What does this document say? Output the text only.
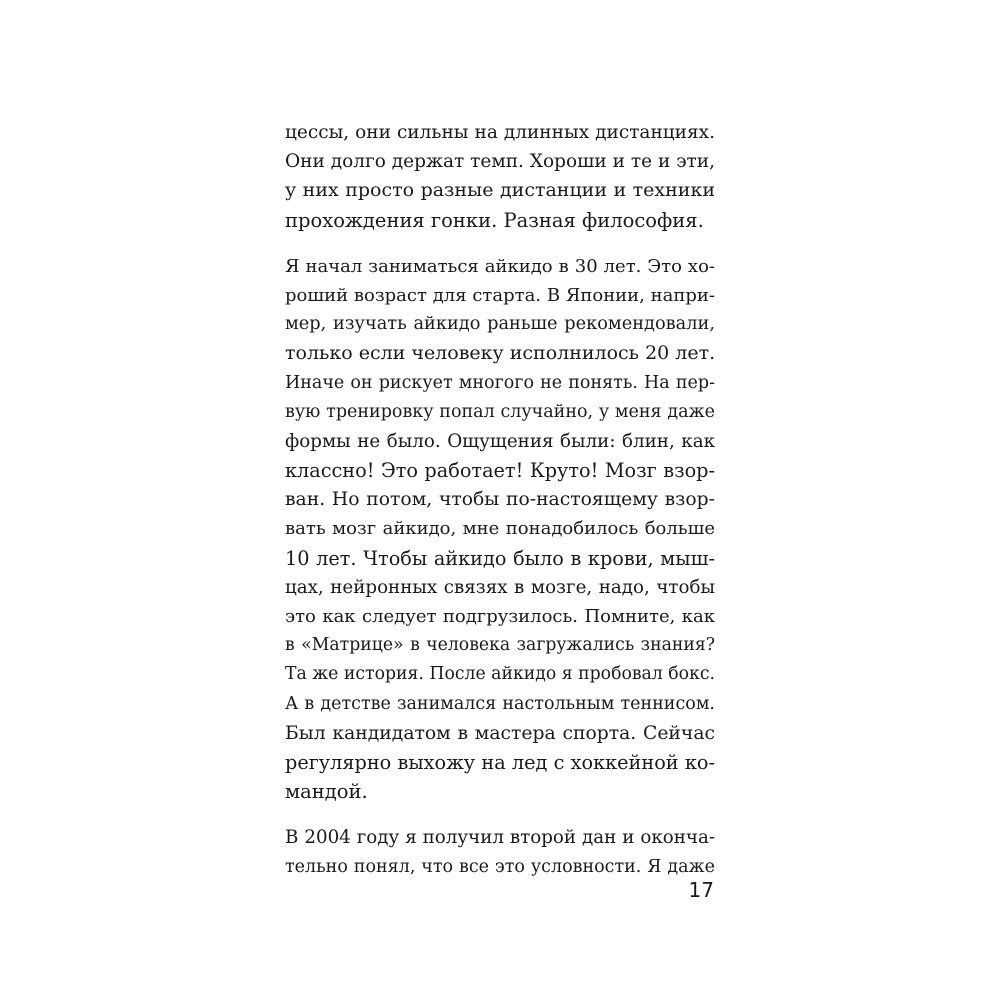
цессы, они сильны на длинных дистанциях.
Они долго держат темп. Хороши и те и эти,
у них просто разные дистанции и техники
прохождения гонки. Разная философия.
Я начал заниматься айкидо в 30 лет. Это хо-
роший возраст для старта. В Японии, напри-
мер, изучать айкидо раньше рекомендовали,
только если человеку исполнилось 20 лет.
Иначе он рискует многого не понять. На пер-
вую тренировку попал случайно, у меня даже
формы не было. Ощущения были: блин, как
классно! Это работает! Круто! Мозг взор-
ван. Но потом, чтобы по-настоящему взор-
вать мозг айкидо, мне понадобилось больше
10 лет. Чтобы айкидо было в крови, мыш-
цах, нейронных связях в мозге, надо, чтобы
это как следует подгрузилось. Помните, как
в «Матрице» в человека загружались знания?
Та же история. После айкидо я пробовал бокс.
А в детстве занимался настольным теннисом.
Был кандидатом в мастера спорта. Сейчас
регулярно выхожу на лед с хоккейной ко-
мандой.
В 2004 году я получил второй дан и оконча-
тельно понял, что все это условности. Я даже
17
